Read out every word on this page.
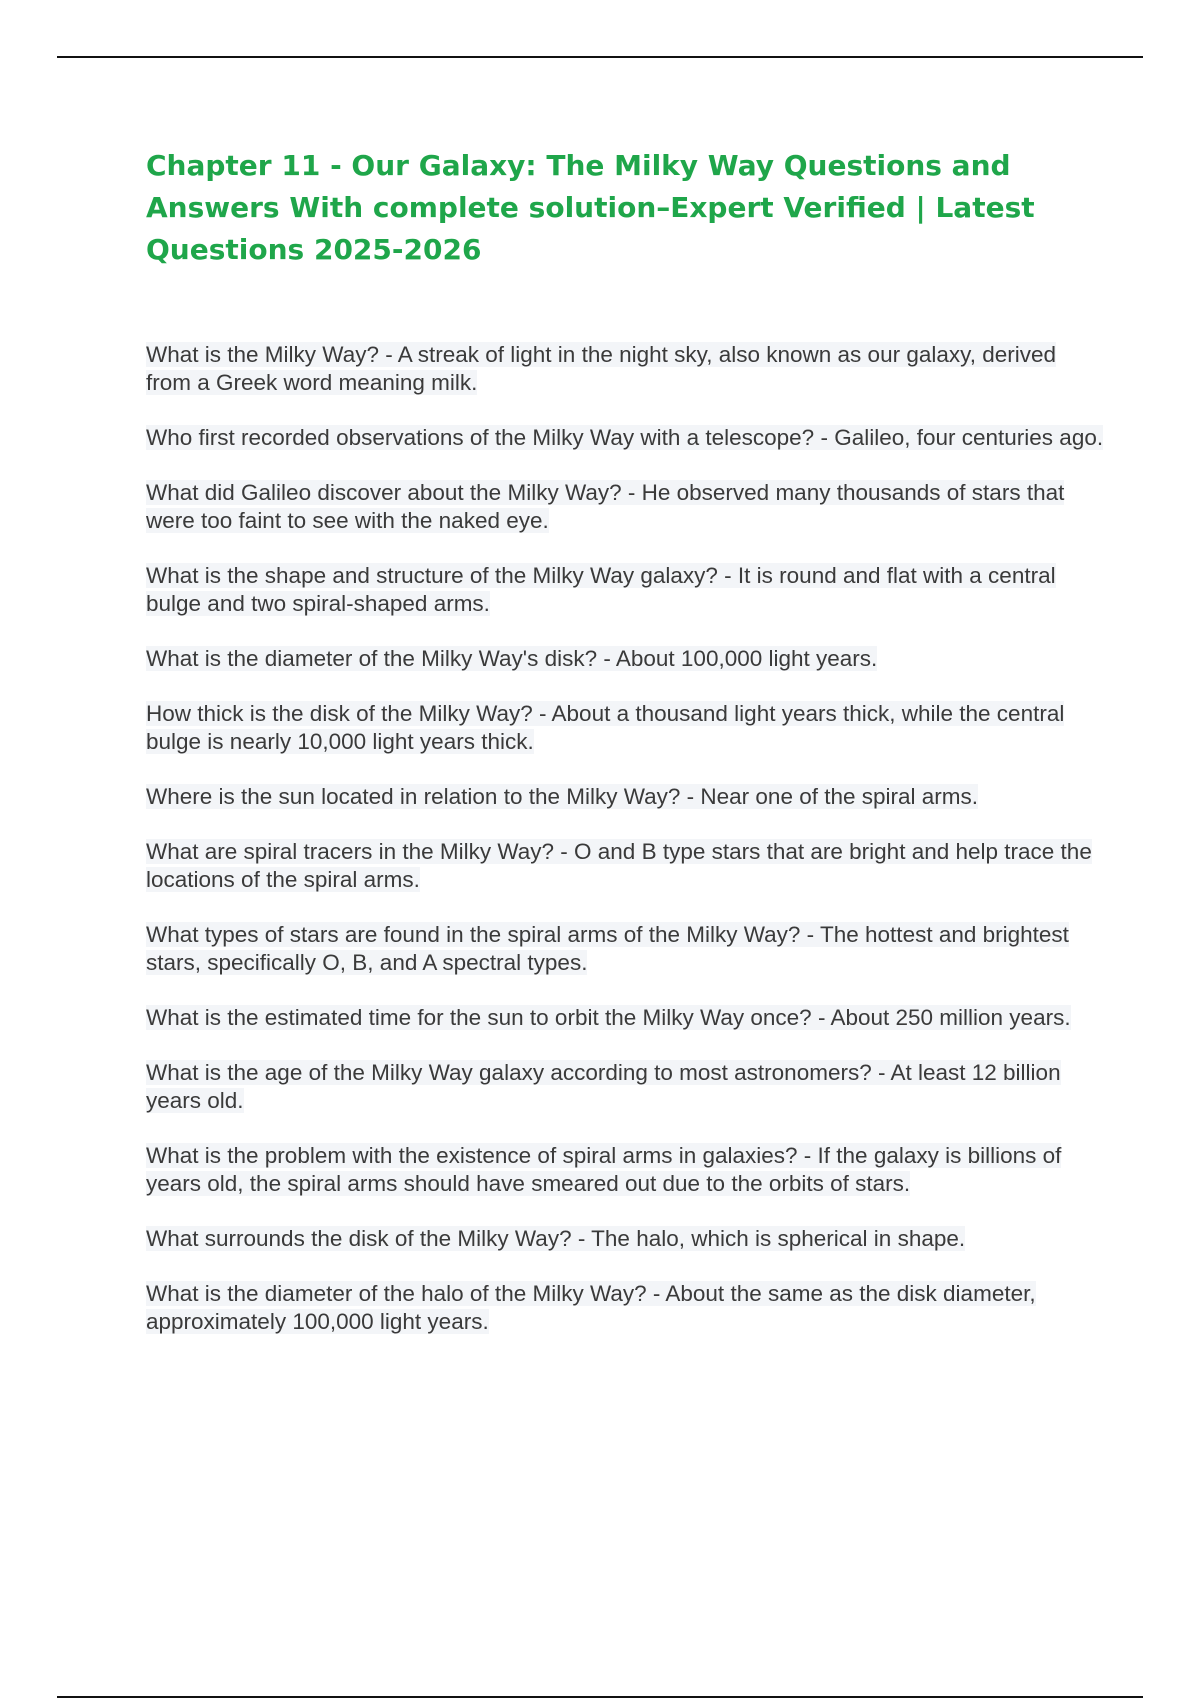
Chapter 11 - Our Galaxy: The Milky Way Questions and Answers With complete solution–Expert Verified | Latest Questions 2025-2026
What is the Milky Way? - A streak of light in the night sky, also known as our galaxy, derived from a Greek word meaning milk.
Who first recorded observations of the Milky Way with a telescope? - Galileo, four centuries ago.
What did Galileo discover about the Milky Way? - He observed many thousands of stars that were too faint to see with the naked eye.
What is the shape and structure of the Milky Way galaxy? - It is round and flat with a central bulge and two spiral-shaped arms.
What is the diameter of the Milky Way's disk? - About 100,000 light years.
How thick is the disk of the Milky Way? - About a thousand light years thick, while the central bulge is nearly 10,000 light years thick.
Where is the sun located in relation to the Milky Way? - Near one of the spiral arms.
What are spiral tracers in the Milky Way? - O and B type stars that are bright and help trace the locations of the spiral arms.
What types of stars are found in the spiral arms of the Milky Way? - The hottest and brightest stars, specifically O, B, and A spectral types.
What is the estimated time for the sun to orbit the Milky Way once? - About 250 million years.
What is the age of the Milky Way galaxy according to most astronomers? - At least 12 billion years old.
What is the problem with the existence of spiral arms in galaxies? - If the galaxy is billions of years old, the spiral arms should have smeared out due to the orbits of stars.
What surrounds the disk of the Milky Way? - The halo, which is spherical in shape.
What is the diameter of the halo of the Milky Way? - About the same as the disk diameter, approximately 100,000 light years.
